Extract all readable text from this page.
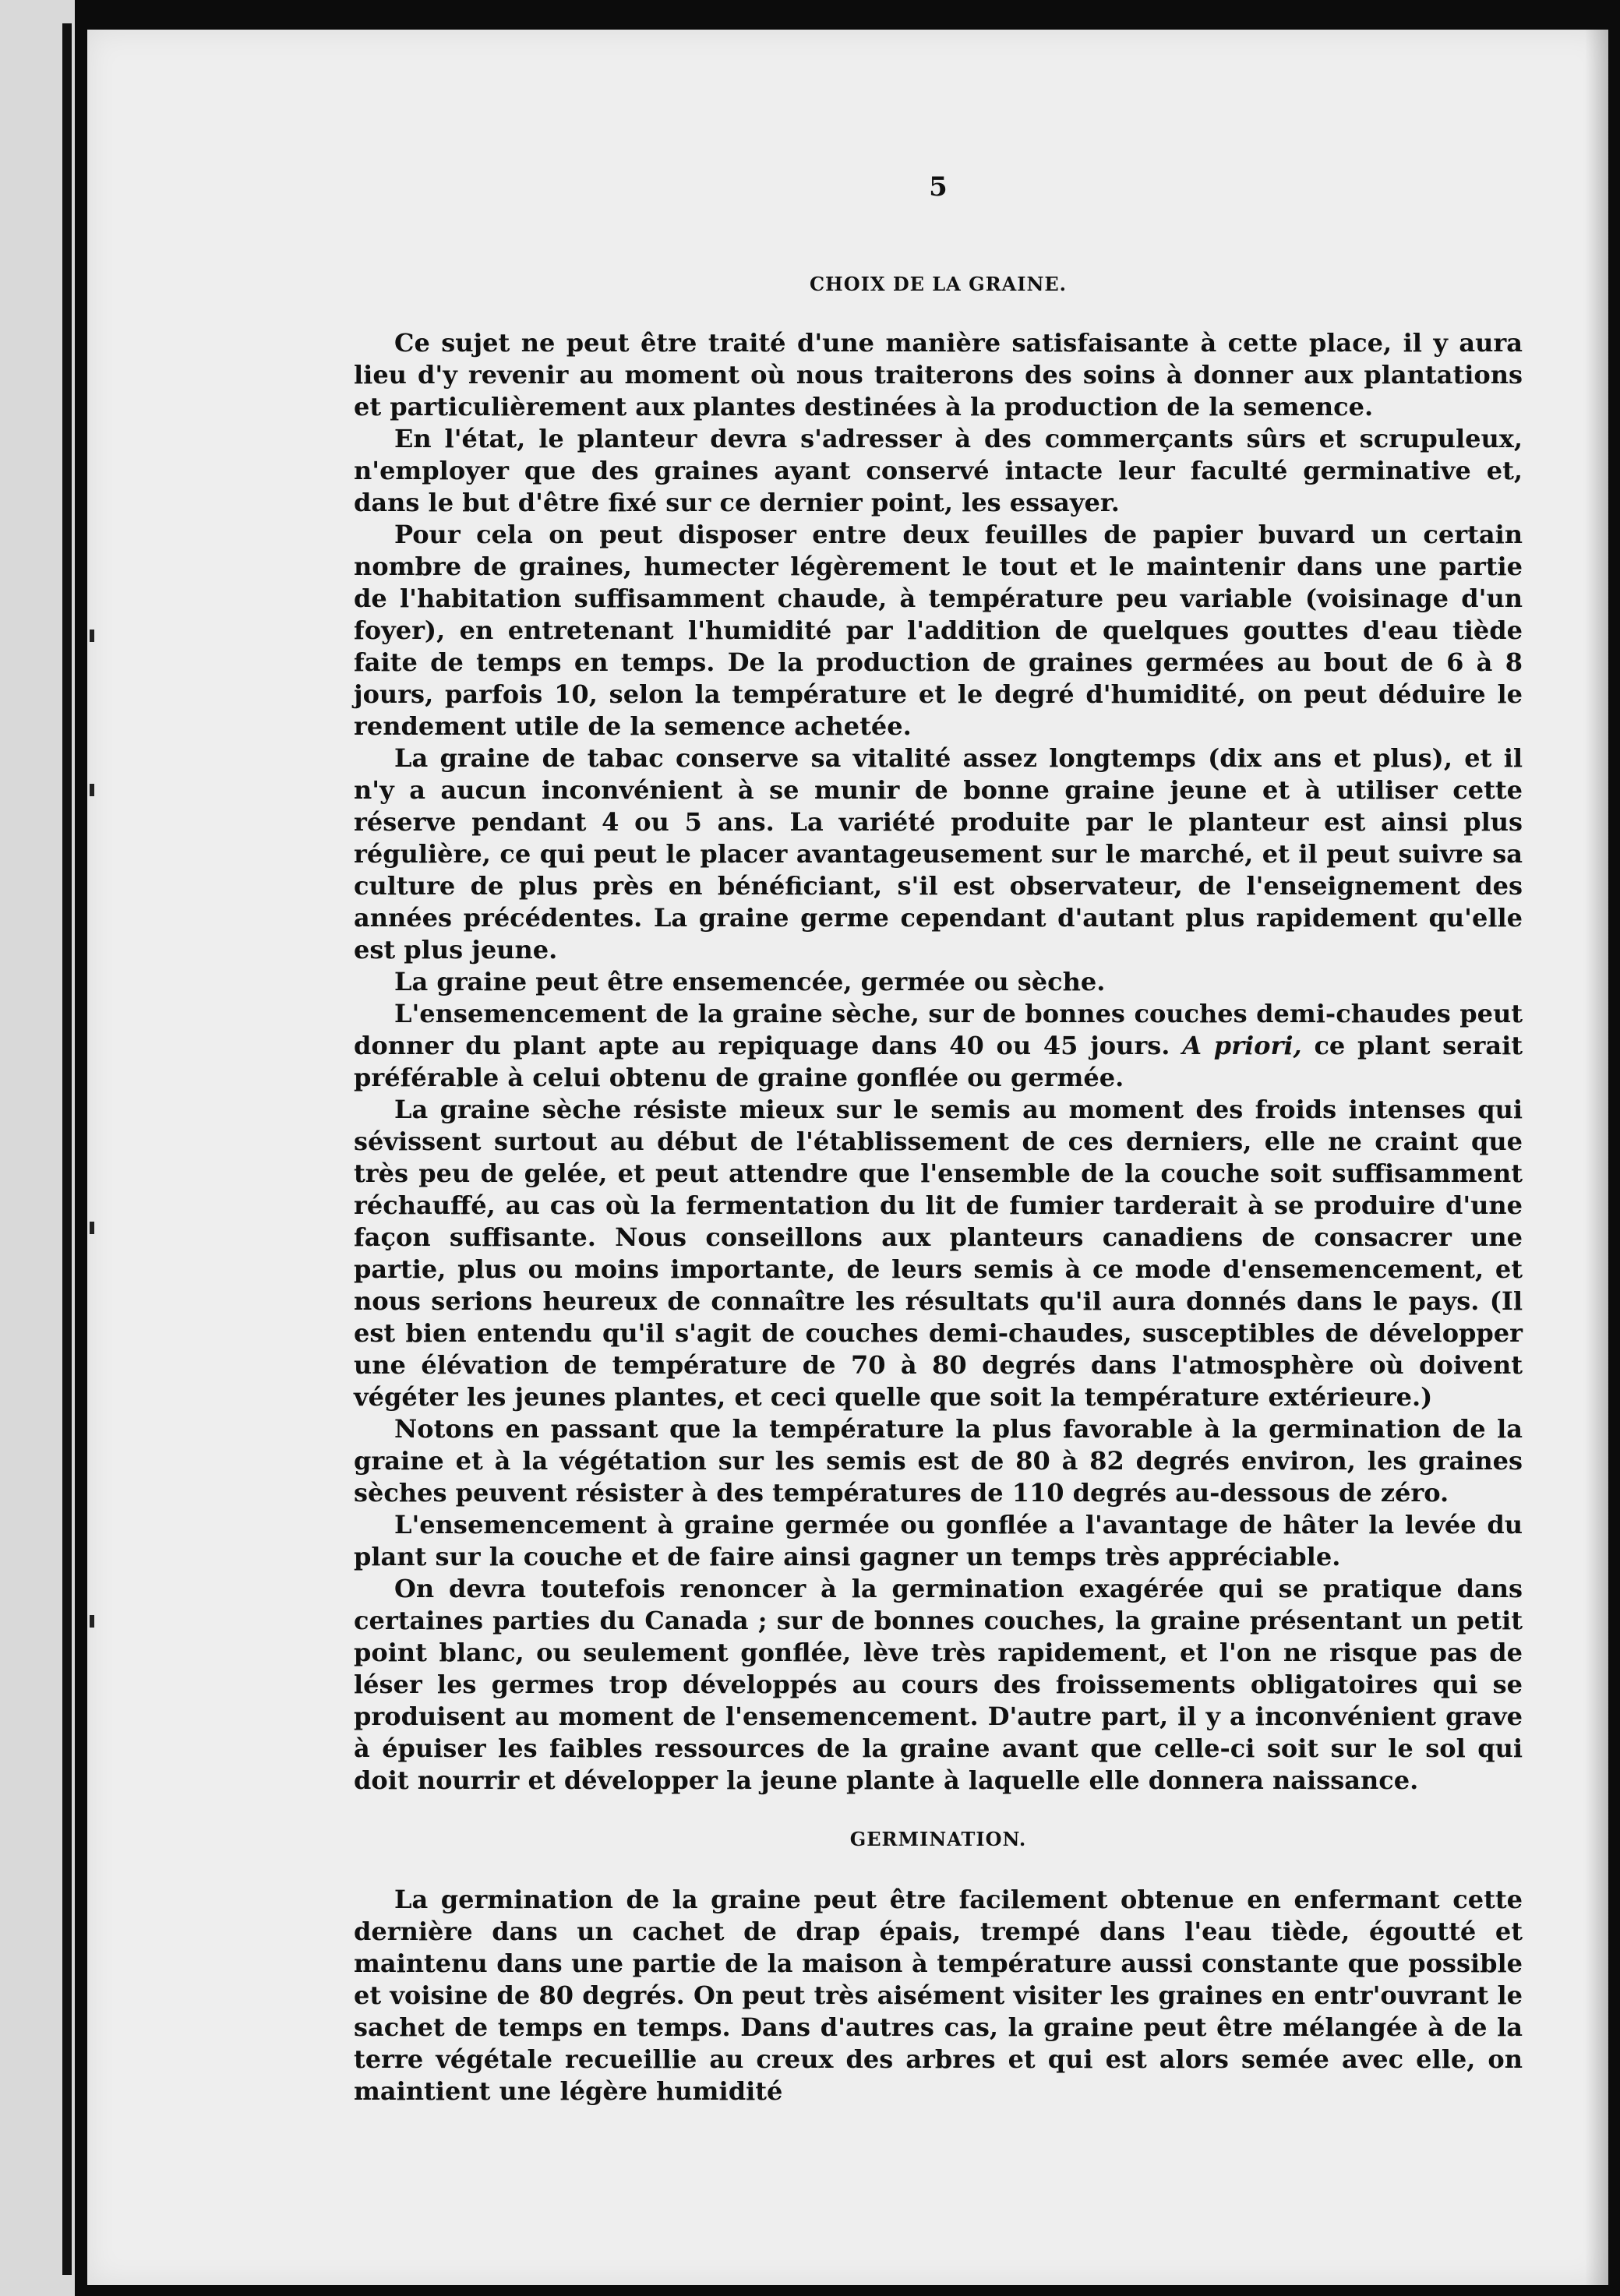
5
CHOIX DE LA GRAINE.

Ce sujet ne peut être traité d'une manière satisfaisante à cette place, il y aura lieu d'y revenir au moment où nous traiterons des soins à donner aux plantations et particulièrement aux plantes destinées à la production de la semence.

En l'état, le planteur devra s'adresser à des commerçants sûrs et scrupuleux, n'employer que des graines ayant conservé intacte leur faculté germinative et, dans le but d'être fixé sur ce dernier point, les essayer.

Pour cela on peut disposer entre deux feuilles de papier buvard un certain nombre de graines, humecter légèrement le tout et le maintenir dans une partie de l'habitation suffisamment chaude, à température peu variable (voisinage d'un foyer), en entretenant l'humidité par l'addition de quelques gouttes d'eau tiède faite de temps en temps. De la production de graines germées au bout de 6 à 8 jours, parfois 10, selon la température et le degré d'humidité, on peut déduire le rendement utile de la semence achetée.

La graine de tabac conserve sa vitalité assez longtemps (dix ans et plus), et il n'y a aucun inconvénient à se munir de bonne graine jeune et à utiliser cette réserve pendant 4 ou 5 ans. La variété produite par le planteur est ainsi plus régulière, ce qui peut le placer avantageusement sur le marché, et il peut suivre sa culture de plus près en bénéficiant, s'il est observateur, de l'enseignement des années précédentes. La graine germe cependant d'autant plus rapidement qu'elle est plus jeune.

La graine peut être ensemencée, germée ou sèche.

L'ensemencement de la graine sèche, sur de bonnes couches demi-chaudes peut donner du plant apte au repiquage dans 40 ou 45 jours. A priori, ce plant serait préférable à celui obtenu de graine gonflée ou germée.

La graine sèche résiste mieux sur le semis au moment des froids intenses qui sévissent surtout au début de l'établissement de ces derniers, elle ne craint que très peu de gelée, et peut attendre que l'ensemble de la couche soit suffisamment réchauffé, au cas où la fermentation du lit de fumier tarderait à se produire d'une façon suffisante. Nous conseillons aux planteurs canadiens de consacrer une partie, plus ou moins importante, de leurs semis à ce mode d'ensemencement, et nous serions heureux de connaître les résultats qu'il aura donnés dans le pays. (Il est bien entendu qu'il s'agit de couches demi-chaudes, susceptibles de développer une élévation de température de 70 à 80 degrés dans l'atmosphère où doivent végéter les jeunes plantes, et ceci quelle que soit la température extérieure.)

Notons en passant que la température la plus favorable à la germination de la graine et à la végétation sur les semis est de 80 à 82 degrés environ, les graines sèches peuvent résister à des températures de 110 degrés au-dessous de zéro.

L'ensemencement à graine germée ou gonflée a l'avantage de hâter la levée du plant sur la couche et de faire ainsi gagner un temps très appréciable.

On devra toutefois renoncer à la germination exagérée qui se pratique dans certaines parties du Canada ; sur de bonnes couches, la graine présentant un petit point blanc, ou seulement gonflée, lève très rapidement, et l'on ne risque pas de léser les germes trop développés au cours des froissements obligatoires qui se produisent au moment de l'ensemencement. D'autre part, il y a inconvénient grave à épuiser les faibles ressources de la graine avant que celle-ci soit sur le sol qui doit nourrir et développer la jeune plante à laquelle elle donnera naissance.

GERMINATION.

La germination de la graine peut être facilement obtenue en enfermant cette dernière dans un cachet de drap épais, trempé dans l'eau tiède, égoutté et maintenu dans une partie de la maison à température aussi constante que possible et voisine de 80 degrés. On peut très aisément visiter les graines en entr'ouvrant le sachet de temps en temps. Dans d'autres cas, la graine peut être mélangée à de la terre végétale recueillie au creux des arbres et qui est alors semée avec elle, on maintient une légère humidité
